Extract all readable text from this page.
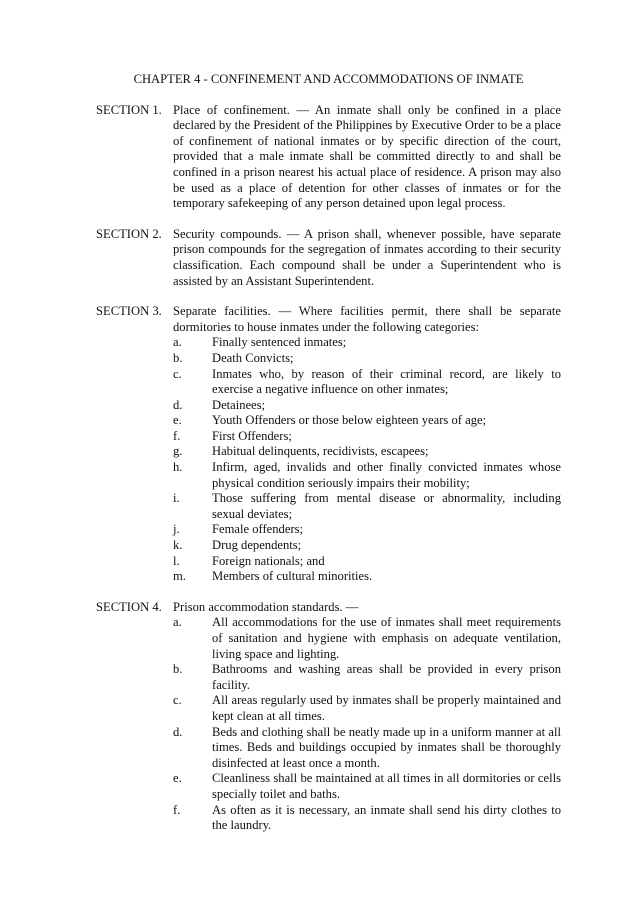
CHAPTER 4 - CONFINEMENT AND ACCOMMODATIONS OF INMATE
SECTION 1. Place of confinement. — An inmate shall only be confined in a place declared by the President of the Philippines by Executive Order to be a place of confinement of national inmates or by specific direction of the court, provided that a male inmate shall be committed directly to and shall be confined in a prison nearest his actual place of residence. A prison may also be used as a place of detention for other classes of inmates or for the temporary safekeeping of any person detained upon legal process.

SECTION 2. Security compounds. — A prison shall, whenever possible, have separate prison compounds for the segregation of inmates according to their security classification. Each compound shall be under a Superintendent who is assisted by an Assistant Superintendent.

SECTION 3. Separate facilities. — Where facilities permit, there shall be separate dormitories to house inmates under the following categories:

a.	Finally sentenced inmates;
b.	Death Convicts;
c.	Inmates who, by reason of their criminal record, are likely to exercise a negative influence on other inmates;
d.	Detainees;
e.	Youth Offenders or those below eighteen years of age;
f.	First Offenders;
g.	Habitual delinquents, recidivists, escapees;
h.	Infirm, aged, invalids and other finally convicted inmates whose physical condition seriously impairs their mobility;
i.	Those suffering from mental disease or abnormality, including sexual deviates;
j.	Female offenders;
k.	Drug dependents;
l.	Foreign nationals; and
m.	Members of cultural minorities.
SECTION 4. Prison accommodation standards. —

a.	All accommodations for the use of inmates shall meet requirements of sanitation and hygiene with emphasis on adequate ventilation, living space and lighting.
b.	Bathrooms and washing areas shall be provided in every prison facility.
c.	All areas regularly used by inmates shall be properly maintained and kept clean at all times.
d.	Beds and clothing shall be neatly made up in a uniform manner at all times. Beds and buildings occupied by inmates shall be thoroughly disinfected at least once a month.
e.	Cleanliness shall be maintained at all times in all dormitories or cells specially toilet and baths.
f.	As often as it is necessary, an inmate shall send his dirty clothes to the laundry.
